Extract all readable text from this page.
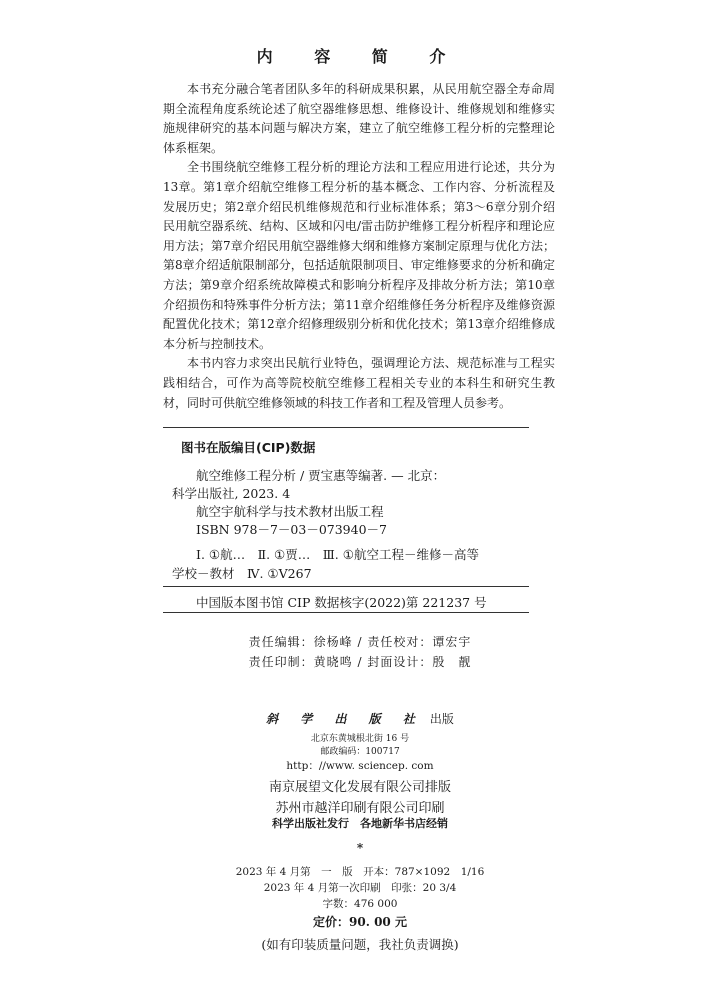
内 容 简 介

本书充分融合笔者团队多年的科研成果积累，从民用航空器全寿命周期全流程角度系统论述了航空器维修思想、维修设计、维修规划和维修实施规律研究的基本问题与解决方案，建立了航空维修工程分析的完整理论体系框架。

全书围绕航空维修工程分析的理论方法和工程应用进行论述，共分为13章。第1章介绍航空维修工程分析的基本概念、工作内容、分析流程及发展历史；第2章介绍民机维修规范和行业标准体系；第3～6章分别介绍民用航空器系统、结构、区域和闪电/雷击防护维修工程分析程序和理论应用方法；第7章介绍民用航空器维修大纲和维修方案制定原理与优化方法；第8章介绍适航限制部分，包括适航限制项目、审定维修要求的分析和确定方法；第9章介绍系统故障模式和影响分析程序及排故分析方法；第10章介绍损伤和特殊事件分析方法；第11章介绍维修任务分析程序及维修资源配置优化技术；第12章介绍修理级别分析和优化技术；第13章介绍维修成本分析与控制技术。

本书内容力求突出民航行业特色，强调理论方法、规范标准与工程实践相结合，可作为高等院校航空维修工程相关专业的本科生和研究生教材，同时可供航空维修领域的科技工作者和工程及管理人员参考。

图书在版编目(CIP)数据
航空维修工程分析 / 贾宝惠等编著. — 北京：
科学出版社, 2023. 4
航空宇航科学与技术教材出版工程
ISBN 978－7－03－073940－7
Ⅰ. ①航…　Ⅱ. ①贾…　Ⅲ. ①航空工程－维修－高等
学校－教材　Ⅳ. ①V267
中国版本图书馆 CIP 数据核字(2022)第 221237 号
责任编辑：徐杨峰 / 责任校对：谭宏宇
责任印制：黄晓鸣 / 封面设计：殷　靓
斜 学 出 版 社 出版
北京东黄城根北街 16 号
邮政编码：100717
http：//www. sciencep. com
南京展望文化发展有限公司排版
苏州市越洋印刷有限公司印刷
科学出版社发行　各地新华书店经销
*
2023 年 4 月第　一　版　开本：787×1092　1/16
2023 年 4 月第一次印刷　印张：20 3/4
字数：476 000
定价：90. 00 元
(如有印装质量问题，我社负责调换)
